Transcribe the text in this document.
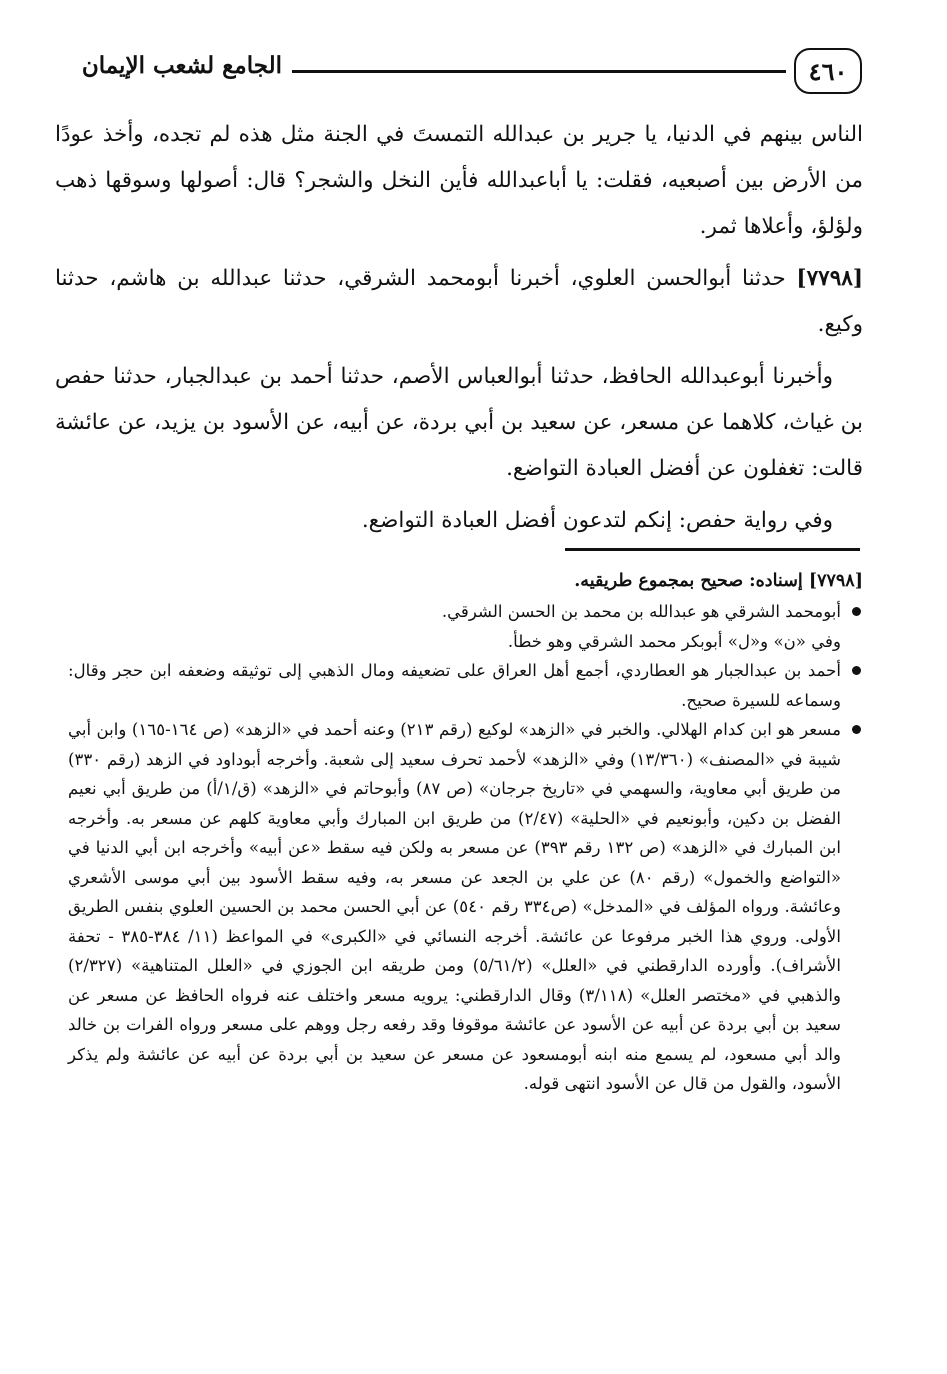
٤٦٠
الجامع لشعب الإيمان

الناس بينهم في الدنيا، يا جرير بن عبدالله التمستَ في الجنة مثل هذه لم تجده، وأخذ عودًا من الأرض بين أصبعيه، فقلت: يا أباعبدالله فأين النخل والشجر؟ قال: أصولها وسوقها ذهب ولؤلؤ، وأعلاها ثمر.

[٧٧٩٨] حدثنا أبوالحسن العلوي، أخبرنا أبومحمد الشرقي، حدثنا عبدالله بن هاشم، حدثنا وكيع.

وأخبرنا أبوعبدالله الحافظ، حدثنا أبوالعباس الأصم، حدثنا أحمد بن عبدالجبار، حدثنا حفص بن غياث، كلاهما عن مسعر، عن سعيد بن أبي بردة، عن أبيه، عن الأسود بن يزيد، عن عائشة قالت: تغفلون عن أفضل العبادة التواضع.

وفي رواية حفص: إنكم لتدعون أفضل العبادة التواضع.

[٧٧٩٨] إسناده: صحيح بمجموع طريقيه.

أبومحمد الشرقي هو عبدالله بن محمد بن الحسن الشرقي.
وفي «ن» و«ل» أبوبكر محمد الشرقي وهو خطأ.
أحمد بن عبدالجبار هو العطاردي، أجمع أهل العراق على تضعيفه ومال الذهبي إلى توثيقه وضعفه ابن حجر وقال: وسماعه للسيرة صحيح.
مسعر هو ابن كدام الهلالي. والخبر في «الزهد» لوكيع (رقم ٢١٣) وعنه أحمد في «الزهد» (ص ١٦٤-١٦٥) وابن أبي شيبة في «المصنف» (١٣/٣٦٠) وفي «الزهد» لأحمد تحرف سعيد إلى شعبة. وأخرجه أبوداود في الزهد (رقم ٣٣٠) من طريق أبي معاوية، والسهمي في «تاريخ جرجان» (ص ٨٧) وأبوحاتم في «الزهد» (ق/١/أ) من طريق أبي نعيم الفضل بن دكين، وأبونعيم في «الحلية» (٢/٤٧) من طريق ابن المبارك وأبي معاوية كلهم عن مسعر به. وأخرجه ابن المبارك في «الزهد» (ص ١٣٢ رقم ٣٩٣) عن مسعر به ولكن فيه سقط «عن أبيه» وأخرجه ابن أبي الدنيا في «التواضع والخمول» (رقم ٨٠) عن علي بن الجعد عن مسعر به، وفيه سقط الأسود بين أبي موسى الأشعري وعائشة. ورواه المؤلف في «المدخل» (ص٣٣٤ رقم ٥٤٠) عن أبي الحسن محمد بن الحسين العلوي بنفس الطريق الأولى. وروي هذا الخبر مرفوعا عن عائشة. أخرجه النسائي في «الكبرى» في المواعظ (١١/ ٣٨٤-٣٨٥ - تحفة الأشراف). وأورده الدارقطني في «العلل» (٥/٦١/٢) ومن طريقه ابن الجوزي في «العلل المتناهية» (٢/٣٢٧) والذهبي في «مختصر العلل» (٣/١١٨) وقال الدارقطني: يرويه مسعر واختلف عنه فرواه الحافظ عن مسعر عن سعيد بن أبي بردة عن أبيه عن الأسود عن عائشة موقوفا وقد رفعه رجل ووهم على مسعر ورواه الفرات بن خالد والد أبي مسعود، لم يسمع منه ابنه أبومسعود عن مسعر عن سعيد بن أبي بردة عن أبيه عن عائشة ولم يذكر الأسود، والقول من قال عن الأسود انتهى قوله.
